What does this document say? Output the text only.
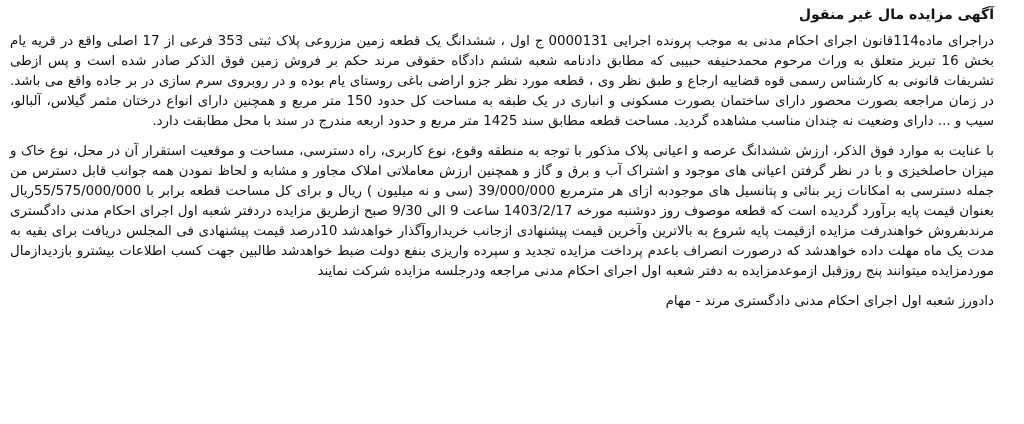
آگهی مزایده مال غیر منقول

دراجرای ماده114قانون اجرای احکام مدنی به موجب پرونده اجرایی 0000131 ج اول ، ششدانگ یک قطعه زمین مزروعی پلاک ثبتی 353 فرعی از 17 اصلی واقع در قریه یام بخش 16 تبریز متعلق به وراث مرحوم محمدحنیفه حبیبی که مطابق دادنامه شعبه ششم دادگاه حقوقی مرند حکم بر فروش زمین فوق الذکر صادر شده است و پس ازطی تشریفات قانونی به کارشناس رسمی قوه قضاییه ارجاع و طبق نظر وی ، قطعه مورد نظر جزو اراضی باغی روستای یام بوده و در روبروی سرم سازی در بر جاده واقع می باشد. در زمان مراجعه بصورت محصور دارای ساختمان بصورت مسکونی و انباری در یک طبقه به مساحت کل حدود 150 متر مربع و همچنین دارای انواع درختان مثمر گیلاس، آلبالو، سیب و ... دارای وضعیت نه چندان مناسب مشاهده گردید. مساحت قطعه مطابق سند 1425 متر مربع و حدود اربعه مندرج در سند با محل مطابقت دارد.

با عنایت به موارد فوق الذکر، ارزش ششدانگ عرصه و اعیانی پلاک مذکور با توجه به منطقه وقوع، نوع کاربری، راه دسترسی، مساحت و موقعیت استقرار آن در محل، نوع خاک و میزان حاصلخیزی و با در نظر گرفتن اعیانی های موجود و اشتراک آب و برق و گاز و همچنین ارزش معاملاتی املاک مجاور و مشابه و لحاظ نمودن همه جوانب قابل دسترس من جمله دسترسی به امکانات زیر بنائی و پتانسیل های موجودبه ازای هر مترمربع 39/000/000 (سی و نه میلیون ) ریال و برای کل مساحت قطعه برابر با 55/575/000/000ریال بعنوان قیمت پایه برآورد گردیده است که قطعه موصوف روز دوشنبه مورخه 1403/2/17 ساعت 9 الی 9/30 صبح ازطریق مزایده دردفتر شعبه اول اجرای احکام مدنی دادگستری مرندبفروش خواهندرفت مزایده ازقیمت پایه شروع به بالاترین وآخرین قیمت پیشنهادی ازجانب خریداروآگذار خواهدشد 10درصد قیمت پیشنهادی فی المجلس دریافت برای بقیه به مدت یک ماه مهلت داده خواهدشد که درصورت انصراف باعدم پرداخت مزایده تجدید و سپرده واریزی بنفع دولت ضبط خواهدشد طالبین جهت کسب اطلاعات بیشترو بازدیدازمال موردمزایده میتوانند پنج روزقبل ازموعدمزایده به دفتر شعبه اول اجرای احکام مدنی مراجعه ودرجلسه مزایده شرکت نمایند

دادورز شعبه اول اجرای احکام مدنی دادگستری مرند - مهام
